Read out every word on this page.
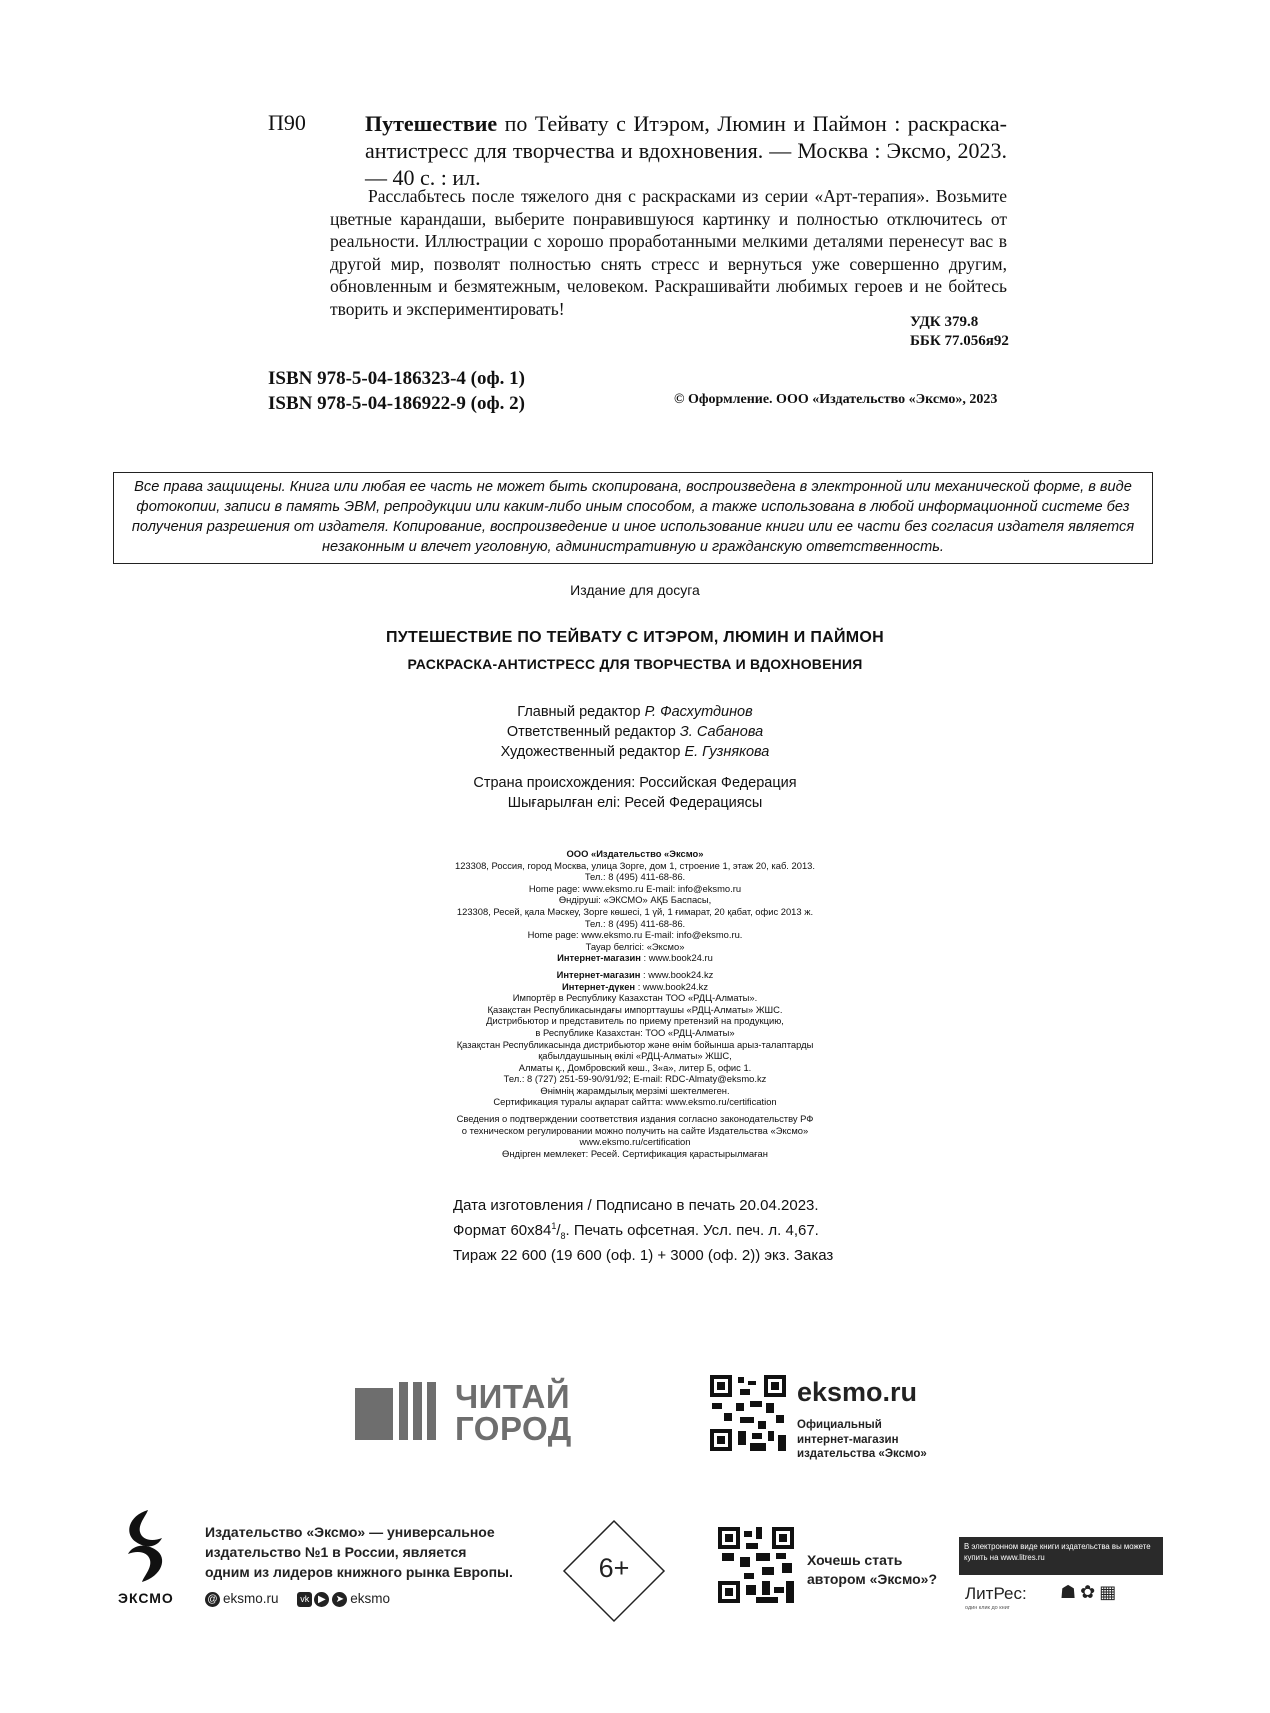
П90	Путешествие по Тейвату с Итэром, Люмин и Паймон : раскраска-антистресс для творчества и вдохновения. — Москва : Эксмо, 2023. — 40 с. : ил.
Расслабьтесь после тяжелого дня с раскрасками из серии «Арт-терапия». Возьмите цветные карандаши, выберите понравившуюся картинку и полностью отключитесь от реальности. Иллюстрации с хорошо проработанными мелкими деталями перенесут вас в другой мир, позволят полностью снять стресс и вернуться уже совершенно другим, обновленным и безмятежным, человеком. Раскрашивайти любимых героев и не бойтесь творить и экспериментировать!
УДК 379.8
ББК 77.056я92
ISBN 978-5-04-186323-4 (оф. 1)
ISBN 978-5-04-186922-9 (оф. 2)	© Оформление. ООО «Издательство «Эксмо», 2023
Все права защищены. Книга или любая ее часть не может быть скопирована, воспроизведена в электронной или механической форме, в виде фотокопии, записи в память ЭВМ, репродукции или каким-либо иным способом, а также использована в любой информационной системе без получения разрешения от издателя. Копирование, воспроизведение и иное использование книги или ее части без согласия издателя является незаконным и влечет уголовную, административную и гражданскую ответственность.
Издание для досуга
ПУТЕШЕСТВИЕ ПО ТЕЙВАТУ С ИТЭРОМ, ЛЮМИН И ПАЙМОН
РАСКРАСКА-АНТИСТРЕСС ДЛЯ ТВОРЧЕСТВА И ВДОХНОВЕНИЯ
Главный редактор Р. Фасхутдинов
Ответственный редактор З. Сабанова
Художественный редактор Е. Гузнякова
Страна происхождения: Российская Федерация
Шығарылған елі: Ресей Федерациясы
ООО «Издательство «Эксмо»
123308, Россия, город Москва, улица Зорге, дом 1, строение 1, этаж 20, каб. 2013.
Тел.: 8 (495) 411-68-86.
Home page: www.eksmo.ru E-mail: info@eksmo.ru
Өндіруші: «ЭКСМО» АҚБ Баспасы,
123308, Ресей, қала Мәскеу, Зорге көшесі, 1 үй, 1 ғимарат, 20 қабат, офис 2013 ж.
Тел.: 8 (495) 411-68-86.
Home page: www.eksmo.ru E-mail: info@eksmo.ru.
Тауар белгісі: «Эксмо»
Интернет-магазин : www.book24.ru
Интернет-магазин : www.book24.kz
Интернет-дүкен : www.book24.kz
Импортёр в Республику Казахстан ТОО «РДЦ-Алматы».
Қазақстан Республикасындағы импорттаушы «РДЦ-Алматы» ЖШС.
Дистрибьютор и представитель по приему претензий на продукцию,
в Республике Казахстан: ТОО «РДЦ-Алматы»
Қазақстан Республикасында дистрибьютор және өнім бойынша арыз-талаптарды
қабылдаушының өкілі «РДЦ-Алматы» ЖШС,
Алматы қ., Домбровский көш., 3«а», литер Б, офис 1.
Тел.: 8 (727) 251-59-90/91/92; E-mail: RDC-Almaty@eksmo.kz
Өнімнің жарамдылық мерзімі шектелмеген.
Сертификация туралы ақпарат сайтта: www.eksmo.ru/certification
Сведения о подтверждении соответствия издания согласно законодательству РФ
о техническом регулировании можно получить на сайте Издательства «Эксмо»
www.eksmo.ru/certification
Өндірген мемлекет: Ресей. Сертификация қарастырылмаған
Дата изготовления / Подписано в печать 20.04.2023.
Формат $60х84^1/_8$. Печать офсетная. Усл. печ. л. 4,67.
Тираж 22 600 (19 600 (оф. 1) + 3000 (оф. 2)) экз. Заказ
ЧИТАЙ
ГОРОД
eksmo.ru
Официальный
интернет-магазин
издательства «Эксмо»
ЭКСМО
Издательство «Эксмо» — универсальное
издательство №1 в России, является
одним из лидеров книжного рынка Европы.
@ eksmo.ru vk ▶ ➤ eksmo
6+	Хочешь стать
автором «Эксмо»?
В электронном виде книги издательства вы можете
купить на www.litres.ru
ЛитРес:
один клик до книг
☗✿▦
